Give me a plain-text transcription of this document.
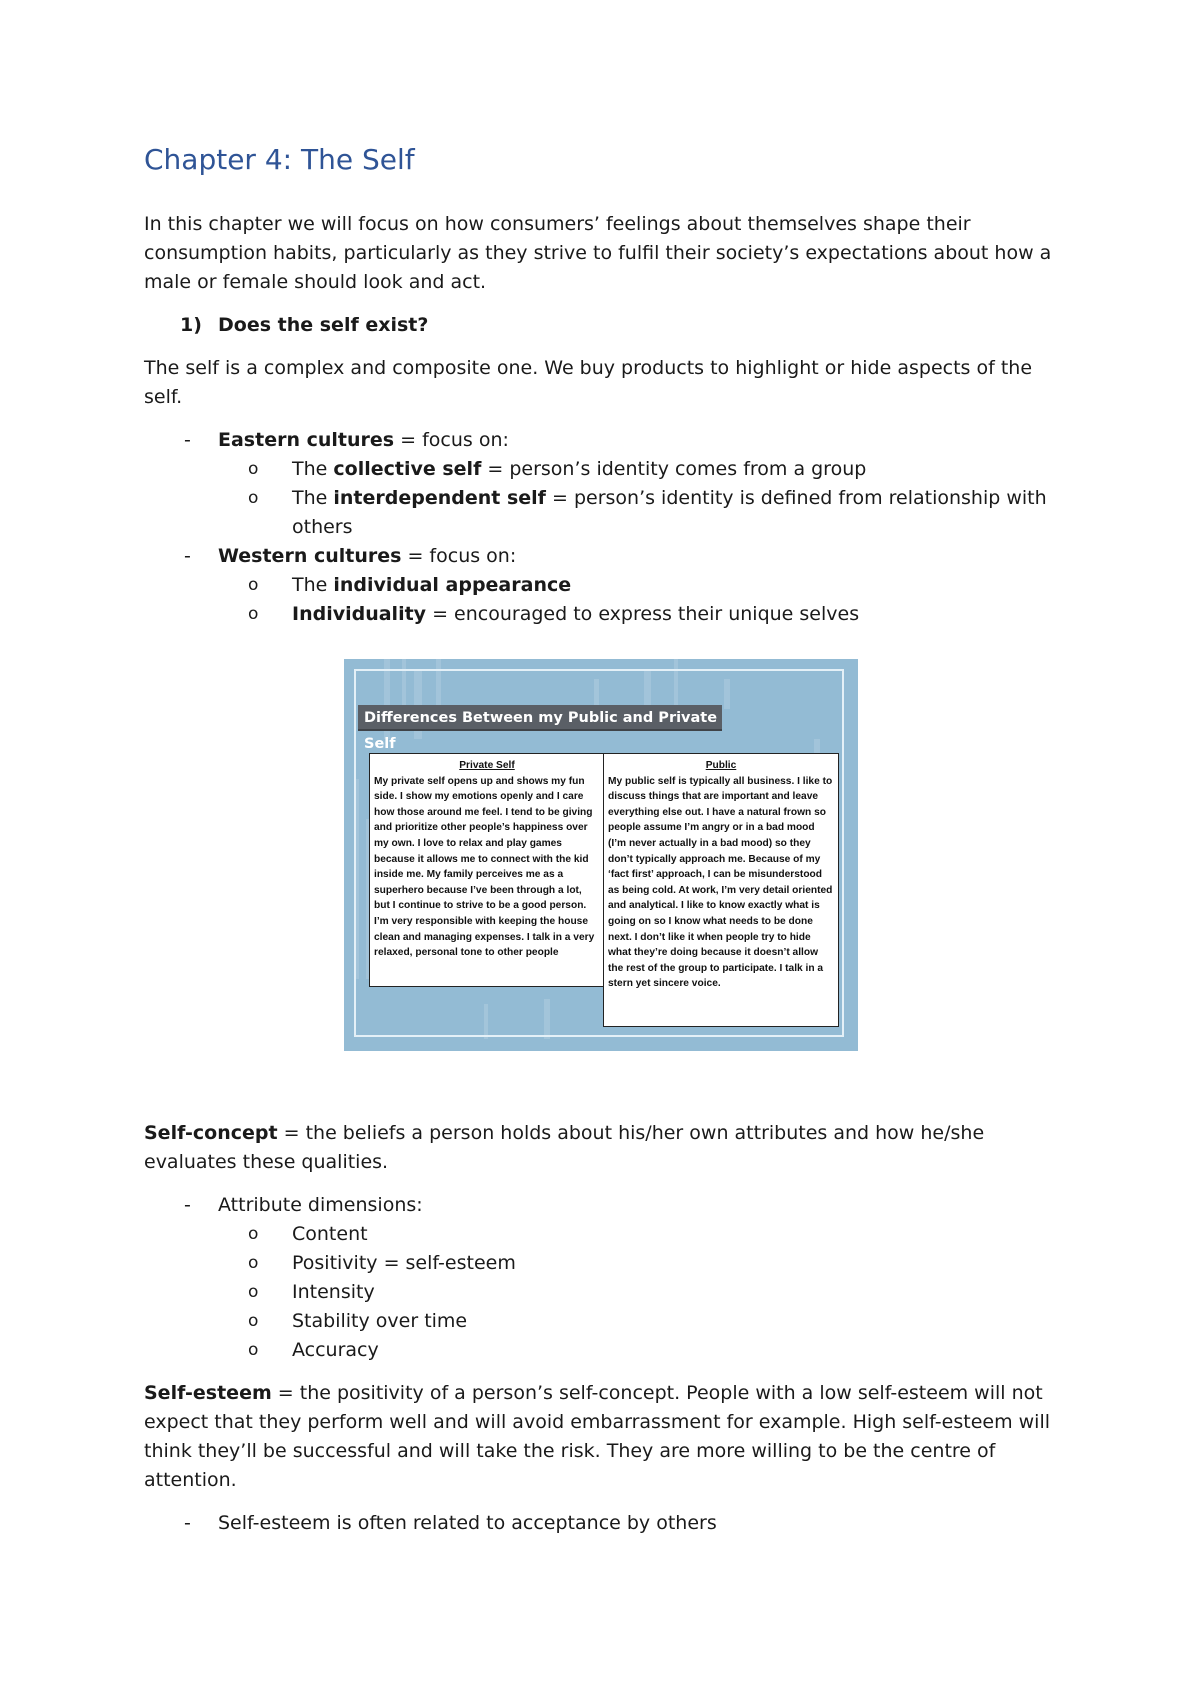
Chapter 4: The Self

In this chapter we will focus on how consumers’ feelings about themselves shape their consumption habits, particularly as they strive to fulfil their society’s expectations about how a male or female should look and act.

1) Does the self exist?

The self is a complex and composite one. We buy products to highlight or hide aspects of the self.

- Eastern cultures = focus on:
o The collective self = person’s identity comes from a group
o The interdependent self = person’s identity is defined from relationship with others
- Western cultures = focus on:
o The individual appearance
o Individuality = encouraged to express their unique selves
Differences Between my Public and Private Self
Private Self
My private self opens up and shows my fun side. I show my emotions openly and I care how those around me feel. I tend to be giving and prioritize other people’s happiness over my own. I love to relax and play games because it allows me to connect with the kid inside me. My family perceives me as a superhero because I’ve been through a lot, but I continue to strive to be a good person. I’m very responsible with keeping the house clean and managing expenses. I talk in a very relaxed, personal tone to other people
Public
My public self is typically all business. I like to discuss things that are important and leave everything else out. I have a natural frown so people assume I’m angry or in a bad mood (I’m never actually in a bad mood) so they don’t typically approach me. Because of my ‘fact first’ approach, I can be misunderstood as being cold. At work, I’m very detail oriented and analytical. I like to know exactly what is going on so I know what needs to be done next. I don’t like it when people try to hide what they’re doing because it doesn’t allow the rest of the group to participate. I talk in a stern yet sincere voice.

Self-concept = the beliefs a person holds about his/her own attributes and how he/she evaluates these qualities.

- Attribute dimensions:
o Content
o Positivity = self-esteem
o Intensity
o Stability over time
o Accuracy

Self-esteem = the positivity of a person’s self-concept. People with a low self-esteem will not expect that they perform well and will avoid embarrassment for example. High self-esteem will think they’ll be successful and will take the risk. They are more willing to be the centre of attention.

- Self-esteem is often related to acceptance by others
